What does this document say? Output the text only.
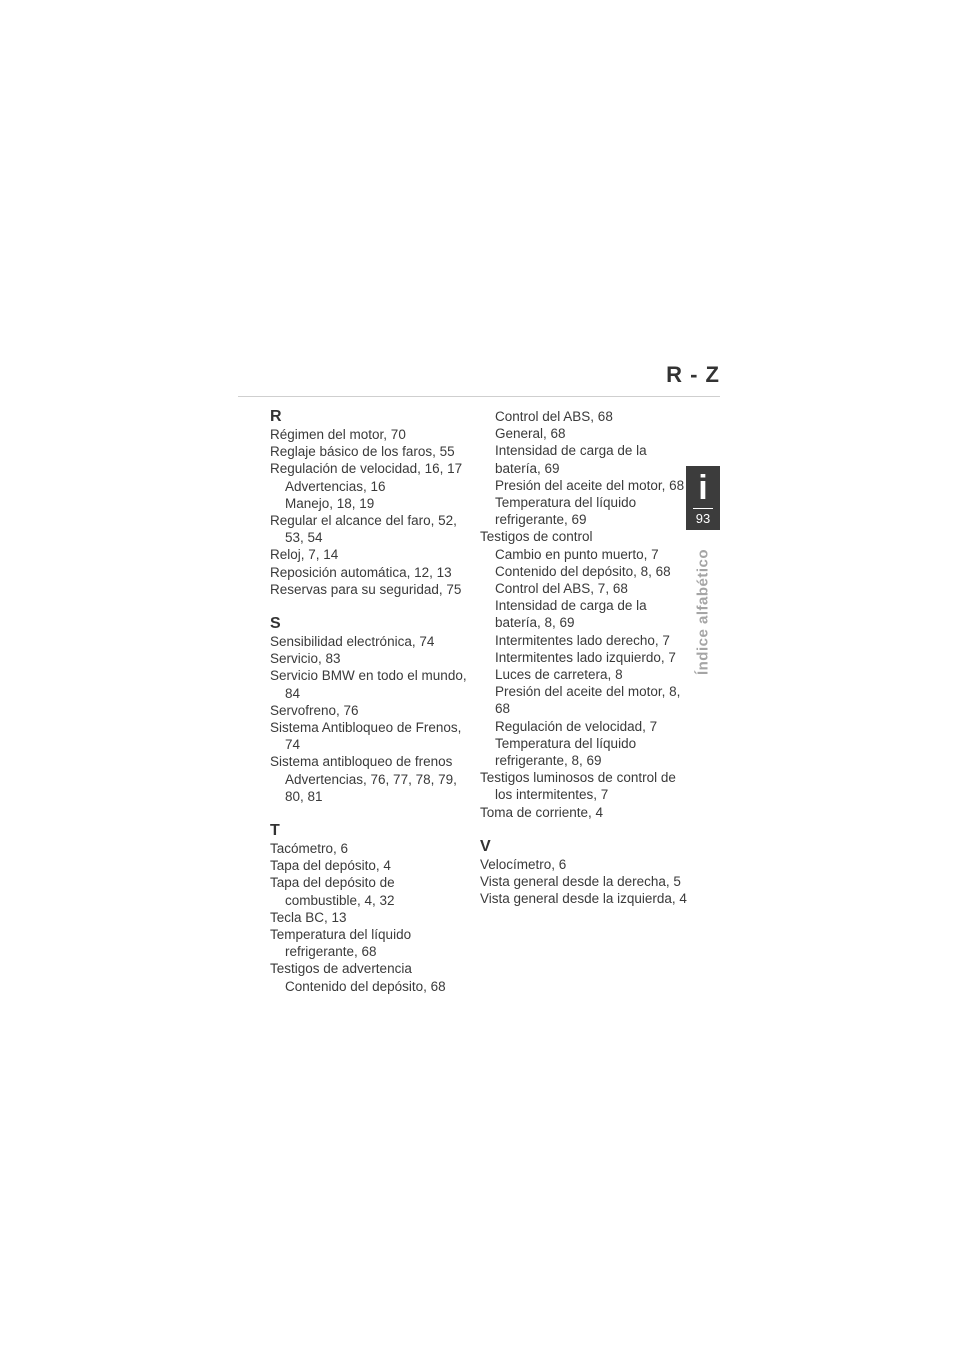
R - Z
i
93
Índice alfabético
R
Régimen del motor, 70
Reglaje básico de los faros, 55
Regulación de velocidad, 16, 17
Advertencias, 16
Manejo, 18, 19
Regular el alcance del faro, 52,
53, 54
Reloj, 7, 14
Reposición automática, 12, 13
Reservas para su seguridad, 75
S
Sensibilidad electrónica, 74
Servicio, 83
Servicio BMW en todo el mundo,
84
Servofreno, 76
Sistema Antibloqueo de Frenos,
74
Sistema antibloqueo de frenos
Advertencias, 76, 77, 78, 79,
80, 81
T
Tacómetro, 6
Tapa del depósito, 4
Tapa del depósito de
combustible, 4, 32
Tecla BC, 13
Temperatura del líquido
refrigerante, 68
Testigos de advertencia
Contenido del depósito, 68
Control del ABS, 68
General, 68
Intensidad de carga de la
batería, 69
Presión del aceite del motor, 68
Temperatura del líquido
refrigerante, 69
Testigos de control
Cambio en punto muerto, 7
Contenido del depósito, 8, 68
Control del ABS, 7, 68
Intensidad de carga de la
batería, 8, 69
Intermitentes lado derecho, 7
Intermitentes lado izquierdo, 7
Luces de carretera, 8
Presión del aceite del motor, 8,
68
Regulación de velocidad, 7
Temperatura del líquido
refrigerante, 8, 69
Testigos luminosos de control de
los intermitentes, 7
Toma de corriente, 4
V
Velocímetro, 6
Vista general desde la derecha, 5
Vista general desde la izquierda, 4
